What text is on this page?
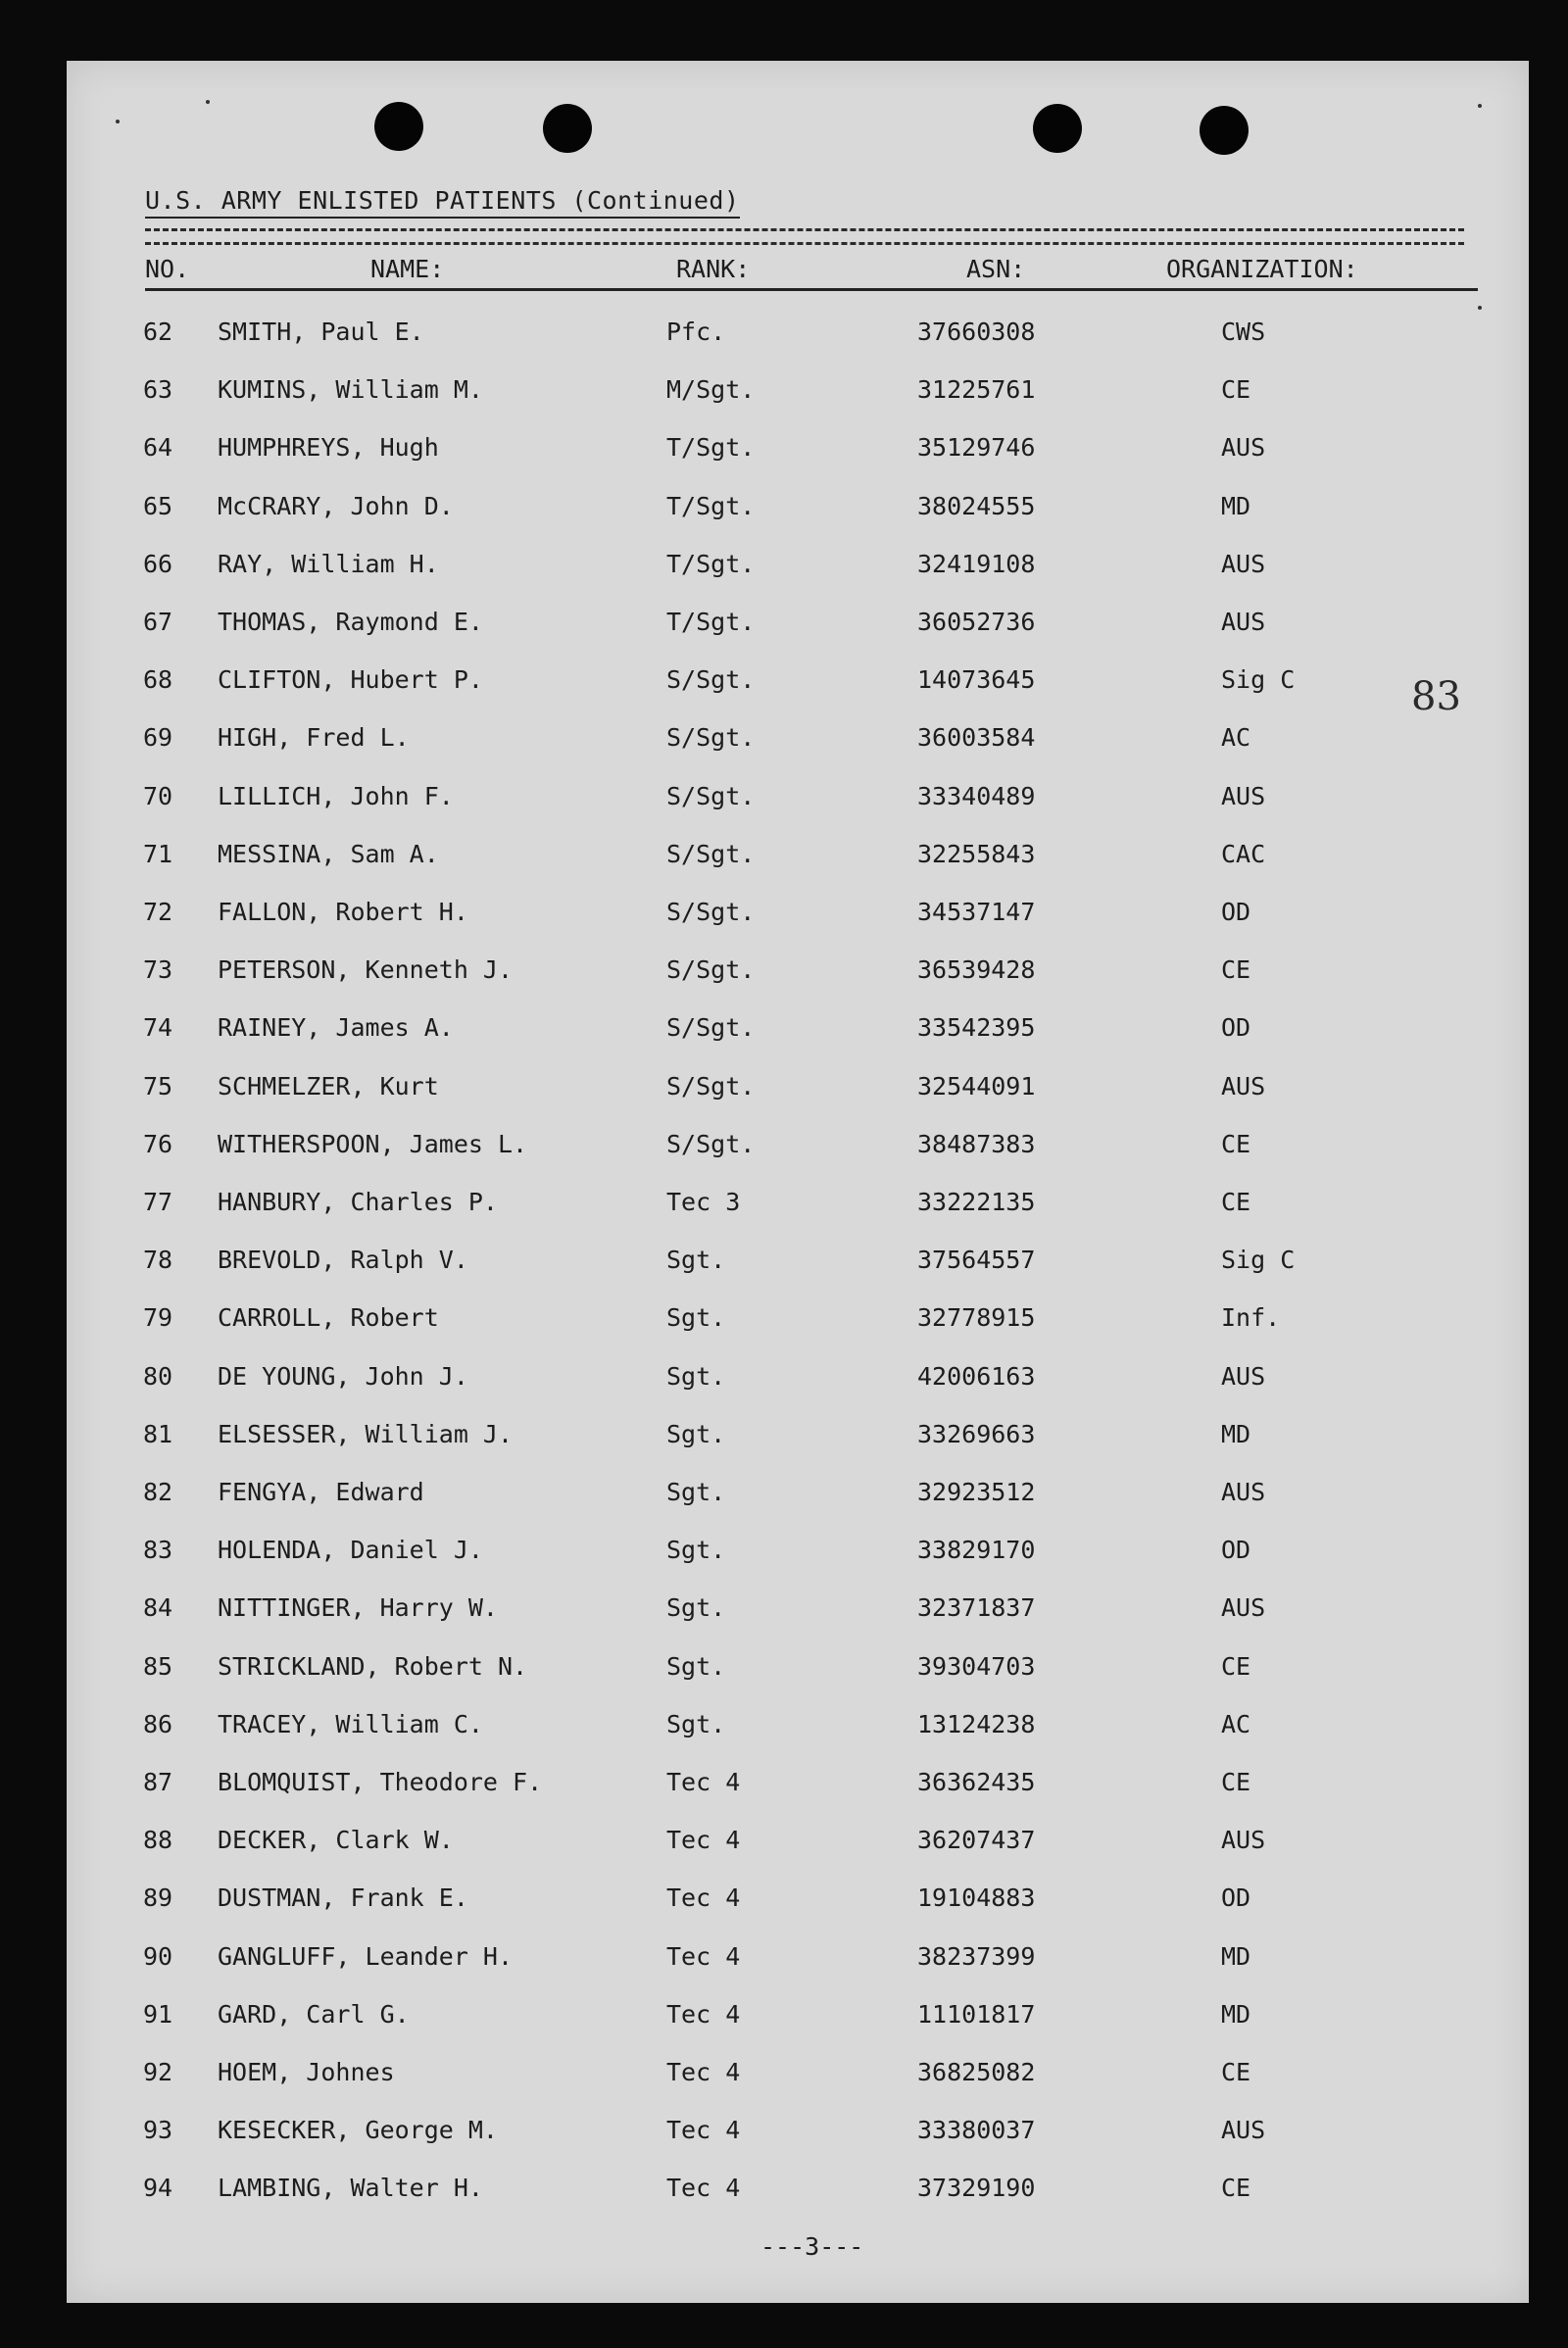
U.S. ARMY ENLISTED PATIENTS (Continued)
NO.	NAME:	RANK:	ASN:	ORGANIZATION:
62 SMITH, Paul E.	Pfc.	37660308	CWS
63 KUMINS, William M.	M/Sgt.	31225761	CE
64 HUMPHREYS, Hugh	T/Sgt.	35129746	AUS
65 McCRARY, John D.	T/Sgt.	38024555	MD
66 RAY, William H.	T/Sgt.	32419108	AUS
67 THOMAS, Raymond E.	T/Sgt.	36052736	AUS
68 CLIFTON, Hubert P.	S/Sgt.	14073645	Sig C
69 HIGH, Fred L.	S/Sgt.	36003584	AC
70 LILLICH, John F.	S/Sgt.	33340489	AUS
71 MESSINA, Sam A.	S/Sgt.	32255843	CAC
72 FALLON, Robert H.	S/Sgt.	34537147	OD
73 PETERSON, Kenneth J.	S/Sgt.	36539428	CE
74 RAINEY, James A.	S/Sgt.	33542395	OD
75 SCHMELZER, Kurt	S/Sgt.	32544091	AUS
76 WITHERSPOON, James L.	S/Sgt.	38487383	CE
77 HANBURY, Charles P.	Tec 3	33222135	CE
78 BREVOLD, Ralph V.	Sgt.	37564557	Sig C
79 CARROLL, Robert	Sgt.	32778915	Inf.
80 DE YOUNG, John J.	Sgt.	42006163	AUS
81 ELSESSER, William J.	Sgt.	33269663	MD
82 FENGYA, Edward	Sgt.	32923512	AUS
83 HOLENDA, Daniel J.	Sgt.	33829170	OD
84 NITTINGER, Harry W.	Sgt.	32371837	AUS
85 STRICKLAND, Robert N.	Sgt.	39304703	CE
86 TRACEY, William C.	Sgt.	13124238	AC
87 BLOMQUIST, Theodore F.	Tec 4	36362435	CE
88 DECKER, Clark W.	Tec 4	36207437	AUS
89 DUSTMAN, Frank E.	Tec 4	19104883	OD
90 GANGLUFF, Leander H.	Tec 4	38237399	MD
91 GARD, Carl G.	Tec 4	11101817	MD
92 HOEM, Johnes	Tec 4	36825082	CE
93 KESECKER, George M.	Tec 4	33380037	AUS
94 LAMBING, Walter H.	Tec 4	37329190	CE
83
---3---
